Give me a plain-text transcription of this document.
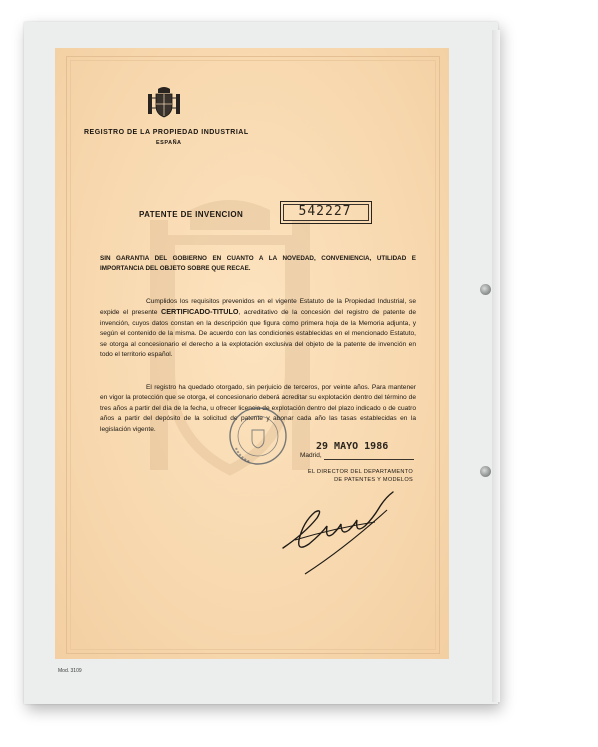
REGISTRO DE LA PROPIEDAD INDUSTRIAL

ESPAÑA

PATENTE DE INVENCION	542227

SIN GARANTIA DEL GOBIERNO EN CUANTO A LA NOVEDAD, CONVENIENCIA, UTILIDAD E IMPORTANCIA DEL OBJETO SOBRE QUE RECAE.

Cumplidos los requisitos prevenidos en el vigente Estatuto de la Propiedad Industrial, se expide el presente CERTIFICADO-TITULO, acreditativo de la concesión del registro de patente de invención, cuyos datos constan en la descripción que figura como primera hoja de la Memoria adjunta, y según el contenido de la misma. De acuerdo con las condiciones establecidas en el mencionado Estatuto, se otorga al concesionario el derecho a la explotación exclusiva del objeto de la patente de invención en todo el territorio español.

El registro ha quedado otorgado, sin perjuicio de terceros, por veinte años. Para mantener en vigor la protección que se otorga, el concesionario deberá acreditar su explotación dentro del término de tres años a partir del día de la fecha, u ofrecer licencia de explotación dentro del plazo indicado o de cuatro años a partir del depósito de la solicitud de patente y abonar cada año las tasas establecidas en la legislación vigente.

29 MAYO 1986

Madrid,

EL DIRECTOR DEL DEPARTAMENTO
DE PATENTES Y MODELOS

Mod. 3109
